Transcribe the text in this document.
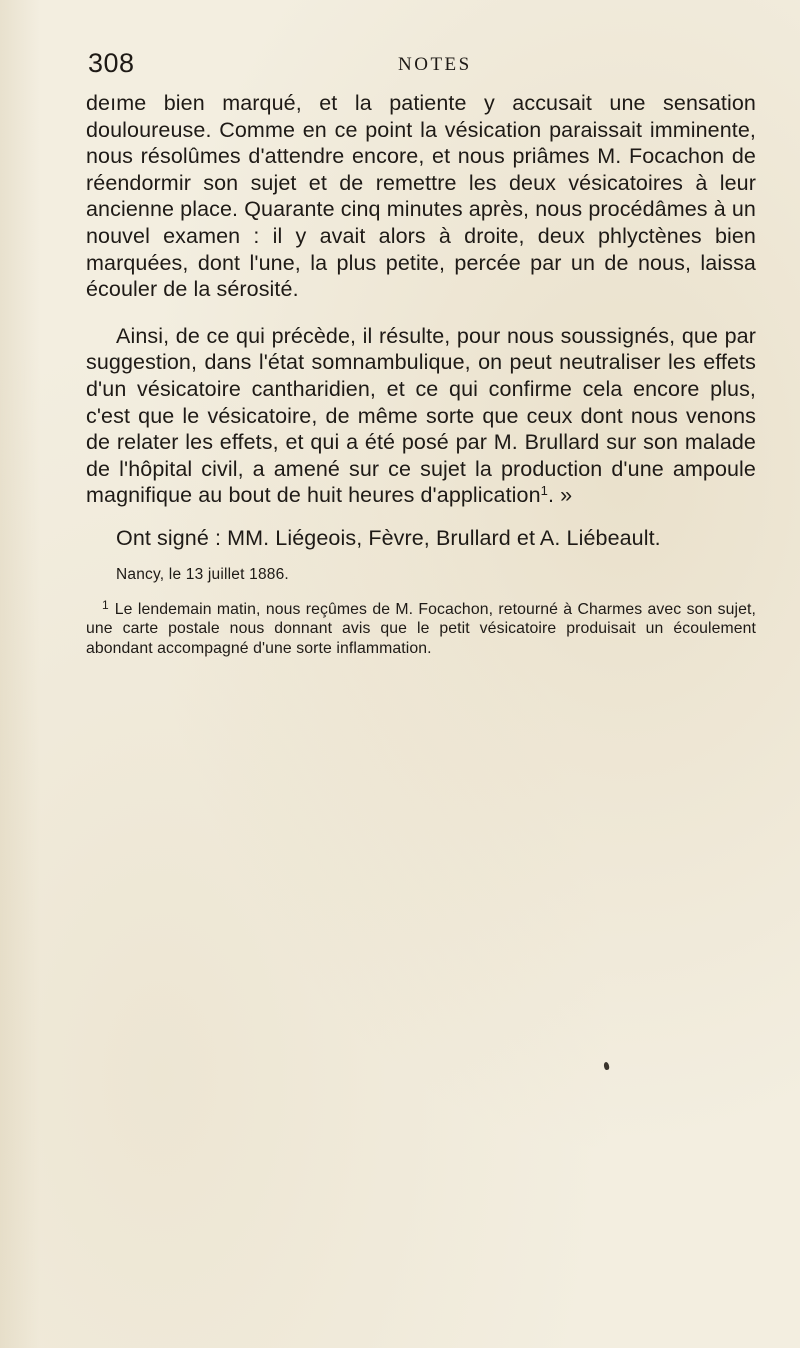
308	NOTES

deıme bien marqué, et la patiente y accusait une sensation douloureuse. Comme en ce point la vésication paraissait imminente, nous résolûmes d'attendre encore, et nous priâmes M. Focachon de réendormir son sujet et de remettre les deux vésicatoires à leur ancienne place. Quarante cinq minutes après, nous procédâmes à un nouvel examen : il y avait alors à droite, deux phlyctènes bien marquées, dont l'une, la plus petite, percée par un de nous, laissa écouler de la sérosité.

Ainsi, de ce qui précède, il résulte, pour nous soussignés, que par suggestion, dans l'état somnambulique, on peut neutraliser les effets d'un vésicatoire cantharidien, et ce qui confirme cela encore plus, c'est que le vésicatoire, de même sorte que ceux dont nous venons de relater les effets, et qui a été posé par M. Brullard sur son malade de l'hôpital civil, a amené sur ce sujet la production d'une ampoule magnifique au bout de huit heures d'application$^1$. »

Ont signé : MM. Liégeois, Fèvre, Brullard et A. Liébeault.

Nancy, le 13 juillet 1886.

$^1$ Le lendemain matin, nous reçûmes de M. Focachon, retourné à Charmes avec son sujet, une carte postale nous donnant avis que le petit vésicatoire produisait un écoulement abondant accompagné d'une sorte inflammation.
